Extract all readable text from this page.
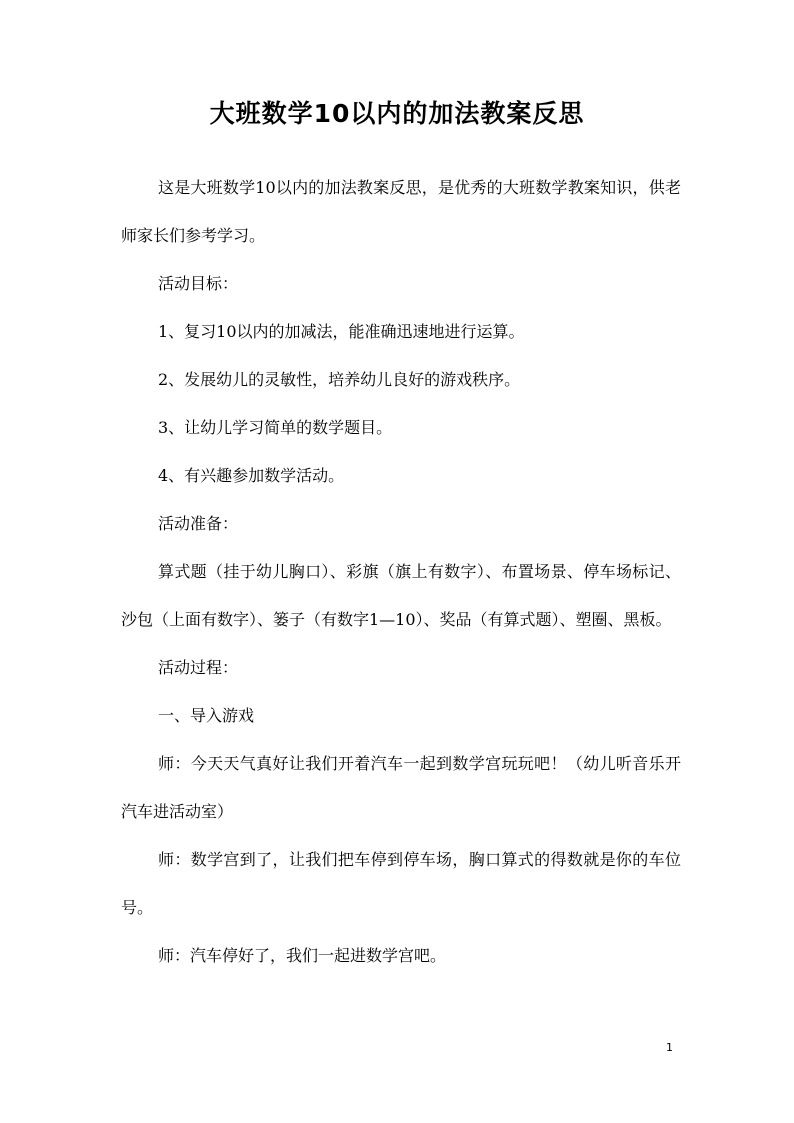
大班数学10以内的加法教案反思

这是大班数学10以内的加法教案反思，是优秀的大班数学教案知识，供老师家长们参考学习。

活动目标：

1、复习10以内的加减法，能准确迅速地进行运算。

2、发展幼儿的灵敏性，培养幼儿良好的游戏秩序。

3、让幼儿学习简单的数学题目。

4、有兴趣参加数学活动。

活动准备：

算式题（挂于幼儿胸口）、彩旗（旗上有数字）、布置场景、停车场标记、沙包（上面有数字）、篓子（有数字1—10）、奖品（有算式题）、塑圈、黑板。

活动过程：

一、导入游戏

师：今天天气真好让我们开着汽车一起到数学宫玩玩吧！（幼儿听音乐开汽车进活动室）

师：数学宫到了，让我们把车停到停车场，胸口算式的得数就是你的车位号。

师：汽车停好了，我们一起进数学宫吧。

1
